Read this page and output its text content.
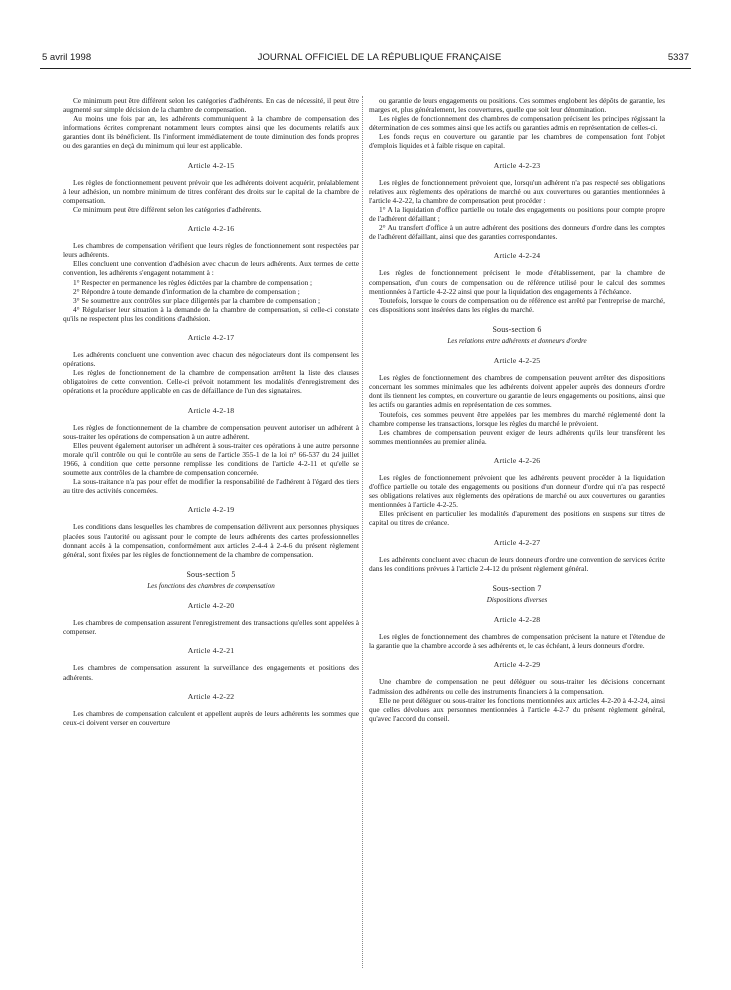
5 avril 1998	JOURNAL OFFICIEL DE LA RÉPUBLIQUE FRANÇAISE	5337

Ce minimum peut être différent selon les catégories d'adhérents. En cas de nécessité, il peut être augmenté sur simple décision de la chambre de compensation.

Au moins une fois par an, les adhérents communiquent à la chambre de compensation des informations écrites comprenant notamment leurs comptes ainsi que les documents relatifs aux garanties dont ils bénéficient. Ils l'informent immédiatement de toute diminution des fonds propres ou des garanties en deçà du minimum qui leur est applicable.

Article 4-2-15

Les règles de fonctionnement peuvent prévoir que les adhérents doivent acquérir, préalablement à leur adhésion, un nombre minimum de titres conférant des droits sur le capital de la chambre de compensation.

Ce minimum peut être différent selon les catégories d'adhérents.

Article 4-2-16

Les chambres de compensation vérifient que leurs règles de fonctionnement sont respectées par leurs adhérents.

Elles concluent une convention d'adhésion avec chacun de leurs adhérents. Aux termes de cette convention, les adhérents s'engagent notamment à :

1° Respecter en permanence les règles édictées par la chambre de compensation ;

2° Répondre à toute demande d'information de la chambre de compensation ;

3° Se soumettre aux contrôles sur place diligentés par la chambre de compensation ;

4° Régulariser leur situation à la demande de la chambre de compensation, si celle-ci constate qu'ils ne respectent plus les conditions d'adhésion.

Article 4-2-17

Les adhérents concluent une convention avec chacun des négociateurs dont ils compensent les opérations.

Les règles de fonctionnement de la chambre de compensation arrêtent la liste des clauses obligatoires de cette convention. Celle-ci prévoit notamment les modalités d'enregistrement des opérations et la procédure applicable en cas de défaillance de l'un des signataires.

Article 4-2-18

Les règles de fonctionnement de la chambre de compensation peuvent autoriser un adhérent à sous-traiter les opérations de compensation à un autre adhérent.

Elles peuvent également autoriser un adhérent à sous-traiter ces opérations à une autre personne morale qu'il contrôle ou qui le contrôle au sens de l'article 355-1 de la loi n° 66-537 du 24 juillet 1966, à condition que cette personne remplisse les conditions de l'article 4-2-11 et qu'elle se soumette aux contrôles de la chambre de compensation concernée.

La sous-traitance n'a pas pour effet de modifier la responsabilité de l'adhérent à l'égard des tiers au titre des activités concernées.

Article 4-2-19

Les conditions dans lesquelles les chambres de compensation délivrent aux personnes physiques placées sous l'autorité ou agissant pour le compte de leurs adhérents des cartes professionnelles donnant accès à la compensation, conformément aux articles 2-4-4 à 2-4-6 du présent règlement général, sont fixées par les règles de fonctionnement de la chambre de compensation.

Sous-section 5

Les fonctions des chambres de compensation

Article 4-2-20

Les chambres de compensation assurent l'enregistrement des transactions qu'elles sont appelées à compenser.

Article 4-2-21

Les chambres de compensation assurent la surveillance des engagements et positions des adhérents.

Article 4-2-22

Les chambres de compensation calculent et appellent auprès de leurs adhérents les sommes que ceux-ci doivent verser en couverture

ou garantie de leurs engagements ou positions. Ces sommes englobent les dépôts de garantie, les marges et, plus généralement, les couvertures, quelle que soit leur dénomination.

Les règles de fonctionnement des chambres de compensation précisent les principes régissant la détermination de ces sommes ainsi que les actifs ou garanties admis en représentation de celles-ci.

Les fonds reçus en couverture ou garantie par les chambres de compensation font l'objet d'emplois liquides et à faible risque en capital.

Article 4-2-23

Les règles de fonctionnement prévoient que, lorsqu'un adhérent n'a pas respecté ses obligations relatives aux règlements des opérations de marché ou aux couvertures ou garanties mentionnées à l'article 4-2-22, la chambre de compensation peut procéder :

1° A la liquidation d'office partielle ou totale des engagements ou positions pour compte propre de l'adhérent défaillant ;

2° Au transfert d'office à un autre adhérent des positions des donneurs d'ordre dans les comptes de l'adhérent défaillant, ainsi que des garanties correspondantes.

Article 4-2-24

Les règles de fonctionnement précisent le mode d'établissement, par la chambre de compensation, d'un cours de compensation ou de référence utilisé pour le calcul des sommes mentionnées à l'article 4-2-22 ainsi que pour la liquidation des engagements à l'échéance.

Toutefois, lorsque le cours de compensation ou de référence est arrêté par l'entreprise de marché, ces dispositions sont insérées dans les règles du marché.

Sous-section 6

Les relations entre adhérents et donneurs d'ordre

Article 4-2-25

Les règles de fonctionnement des chambres de compensation peuvent arrêter des dispositions concernant les sommes minimales que les adhérents doivent appeler auprès des donneurs d'ordre dont ils tiennent les comptes, en couverture ou garantie de leurs engagements ou positions, ainsi que les actifs ou garanties admis en représentation de ces sommes.

Toutefois, ces sommes peuvent être appelées par les membres du marché réglementé dont la chambre compense les transactions, lorsque les règles du marché le prévoient.

Les chambres de compensation peuvent exiger de leurs adhérents qu'ils leur transfèrent les sommes mentionnées au premier alinéa.

Article 4-2-26

Les règles de fonctionnement prévoient que les adhérents peuvent procéder à la liquidation d'office partielle ou totale des engagements ou positions d'un donneur d'ordre qui n'a pas respecté ses obligations relatives aux règlements des opérations de marché ou aux couvertures ou garanties mentionnées à l'article 4-2-25.

Elles précisent en particulier les modalités d'apurement des positions en suspens sur titres de capital ou titres de créance.

Article 4-2-27

Les adhérents concluent avec chacun de leurs donneurs d'ordre une convention de services écrite dans les conditions prévues à l'article 2-4-12 du présent règlement général.

Sous-section 7

Dispositions diverses

Article 4-2-28

Les règles de fonctionnement des chambres de compensation précisent la nature et l'étendue de la garantie que la chambre accorde à ses adhérents et, le cas échéant, à leurs donneurs d'ordre.

Article 4-2-29

Une chambre de compensation ne peut déléguer ou sous-traiter les décisions concernant l'admission des adhérents ou celle des instruments financiers à la compensation.

Elle ne peut déléguer ou sous-traiter les fonctions mentionnées aux articles 4-2-20 à 4-2-24, ainsi que celles dévolues aux personnes mentionnées à l'article 4-2-7 du présent règlement général, qu'avec l'accord du conseil.
